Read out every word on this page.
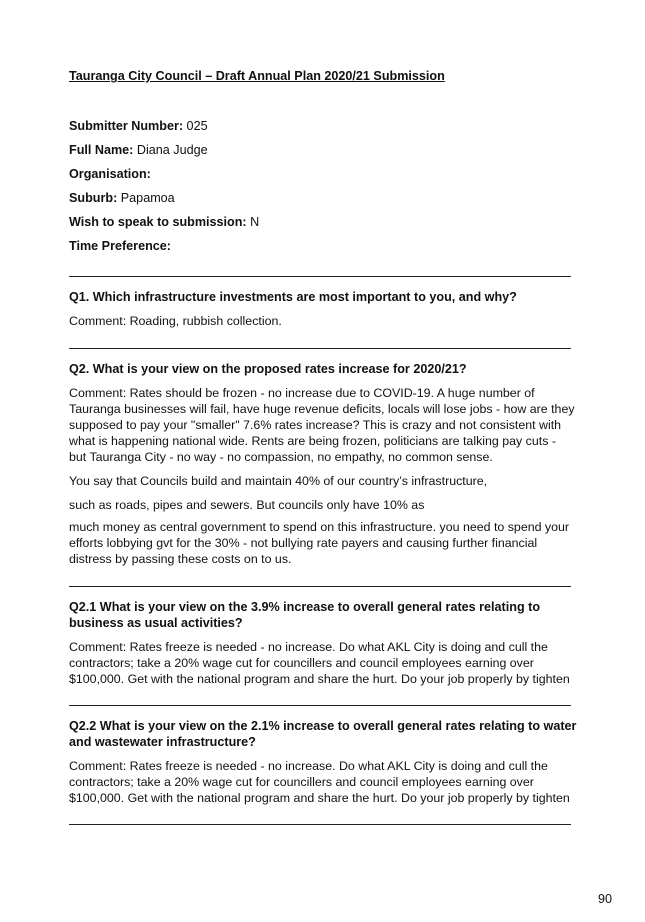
Tauranga City Council – Draft Annual Plan 2020/21 Submission
Submitter Number: 025
Full Name: Diana Judge
Organisation:
Suburb: Papamoa
Wish to speak to submission: N
Time Preference:
Q1. Which infrastructure investments are most important to you, and why?
Comment: Roading, rubbish collection.
Q2. What is your view on the proposed rates increase for 2020/21?
Comment: Rates should be frozen - no increase due to COVID-19. A huge number of
Tauranga businesses will fail, have huge revenue deficits, locals will lose jobs - how are they
supposed to pay your "smaller" 7.6% rates increase? This is crazy and not consistent with
what is happening national wide. Rents are being frozen, politicians are talking pay cuts -
but Tauranga City - no way - no compassion, no empathy, no common sense.
You say that Councils build and maintain 40% of our country’s infrastructure,
such as roads, pipes and sewers. But councils only have 10% as
much money as central government to spend on this infrastructure. you need to spend your
efforts lobbying gvt for the 30% - not bullying rate payers and causing further financial
distress by passing these costs on to us.
Q2.1 What is your view on the 3.9% increase to overall general rates relating to
business as usual activities?
Comment: Rates freeze is needed - no increase. Do what AKL City is doing and cull the
contractors; take a 20% wage cut for councillers and council employees earning over
$100,000. Get with the national program and share the hurt. Do your job properly by tighten
Q2.2 What is your view on the 2.1% increase to overall general rates relating to water
and wastewater infrastructure?
Comment: Rates freeze is needed - no increase. Do what AKL City is doing and cull the
contractors; take a 20% wage cut for councillers and council employees earning over
$100,000. Get with the national program and share the hurt. Do your job properly by tighten
90
